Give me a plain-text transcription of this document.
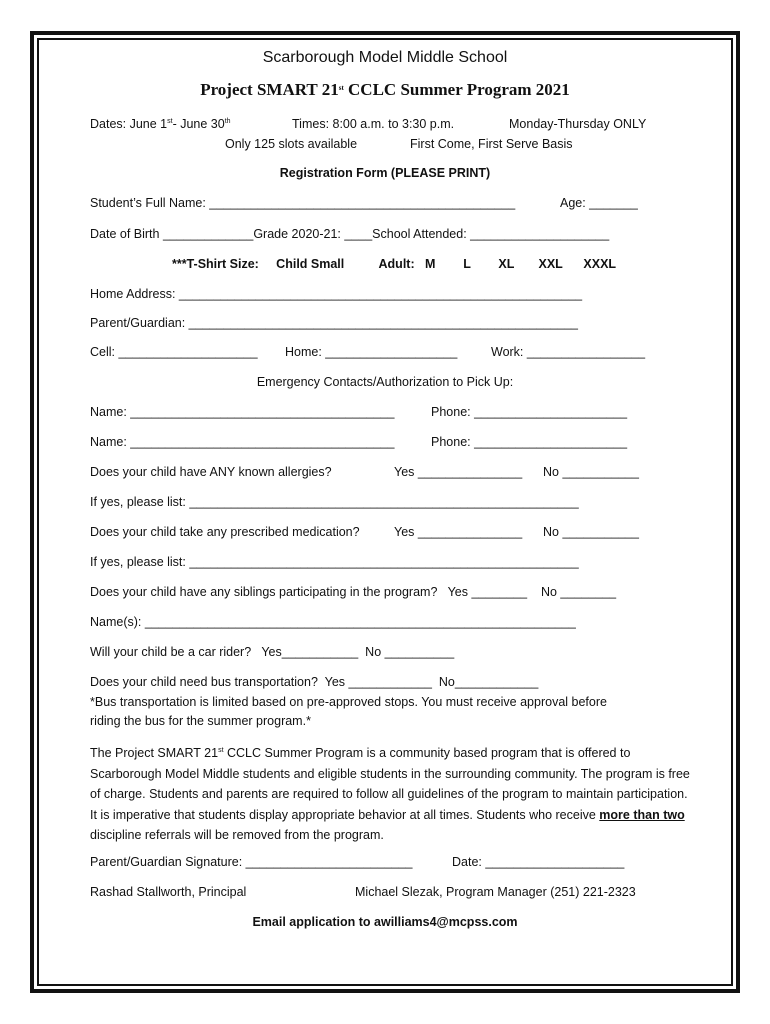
Scarborough Model Middle School
Project SMART 21st CCLC Summer Program 2021
Dates: June 1st- June 30th	Times: 8:00 a.m. to 3:30 p.m.	Monday-Thursday ONLY
Only 125 slots available	First Come, First Serve Basis
Registration Form (PLEASE PRINT)
Student’s Full Name: ____________________________________________	Age: _______
Date of Birth _____________Grade 2020-21: ____School Attended: ____________________
***T-Shirt Size:     Child Small          Adult:   M        L        XL       XXL      XXXL
Home Address: __________________________________________________________
Parent/Guardian: ________________________________________________________
Cell: ____________________ Home: ___________________	Work: _________________
Emergency Contacts/Authorization to Pick Up:
Name: ______________________________________	Phone: ______________________
Name: ______________________________________	Phone: ______________________
Does your child have ANY known allergies?	Yes _______________ No ___________
If yes, please list: ________________________________________________________
Does your child take any prescribed medication?	Yes _______________ No ___________
If yes, please list: ________________________________________________________
Does your child have any siblings participating in the program?   Yes ________    No ________
Name(s): ______________________________________________________________
Will your child be a car rider?   Yes___________  No __________
Does your child need bus transportation?  Yes ____________  No____________
*Bus transportation is limited based on pre-approved stops. You must receive approval before
riding the bus for the summer program.*
The Project SMART 21st CCLC Summer Program is a community based program that is offered to Scarborough Model Middle students and eligible students in the surrounding community. The program is free of charge. Students and parents are required to follow all guidelines of the program to maintain participation. It is imperative that students display appropriate behavior at all times. Students who receive more than two discipline referrals will be removed from the program.
Parent/Guardian Signature: ________________________	Date: ____________________
Rashad Stallworth, Principal	Michael Slezak, Program Manager (251) 221-2323
Email application to awilliams4@mcpss.com
